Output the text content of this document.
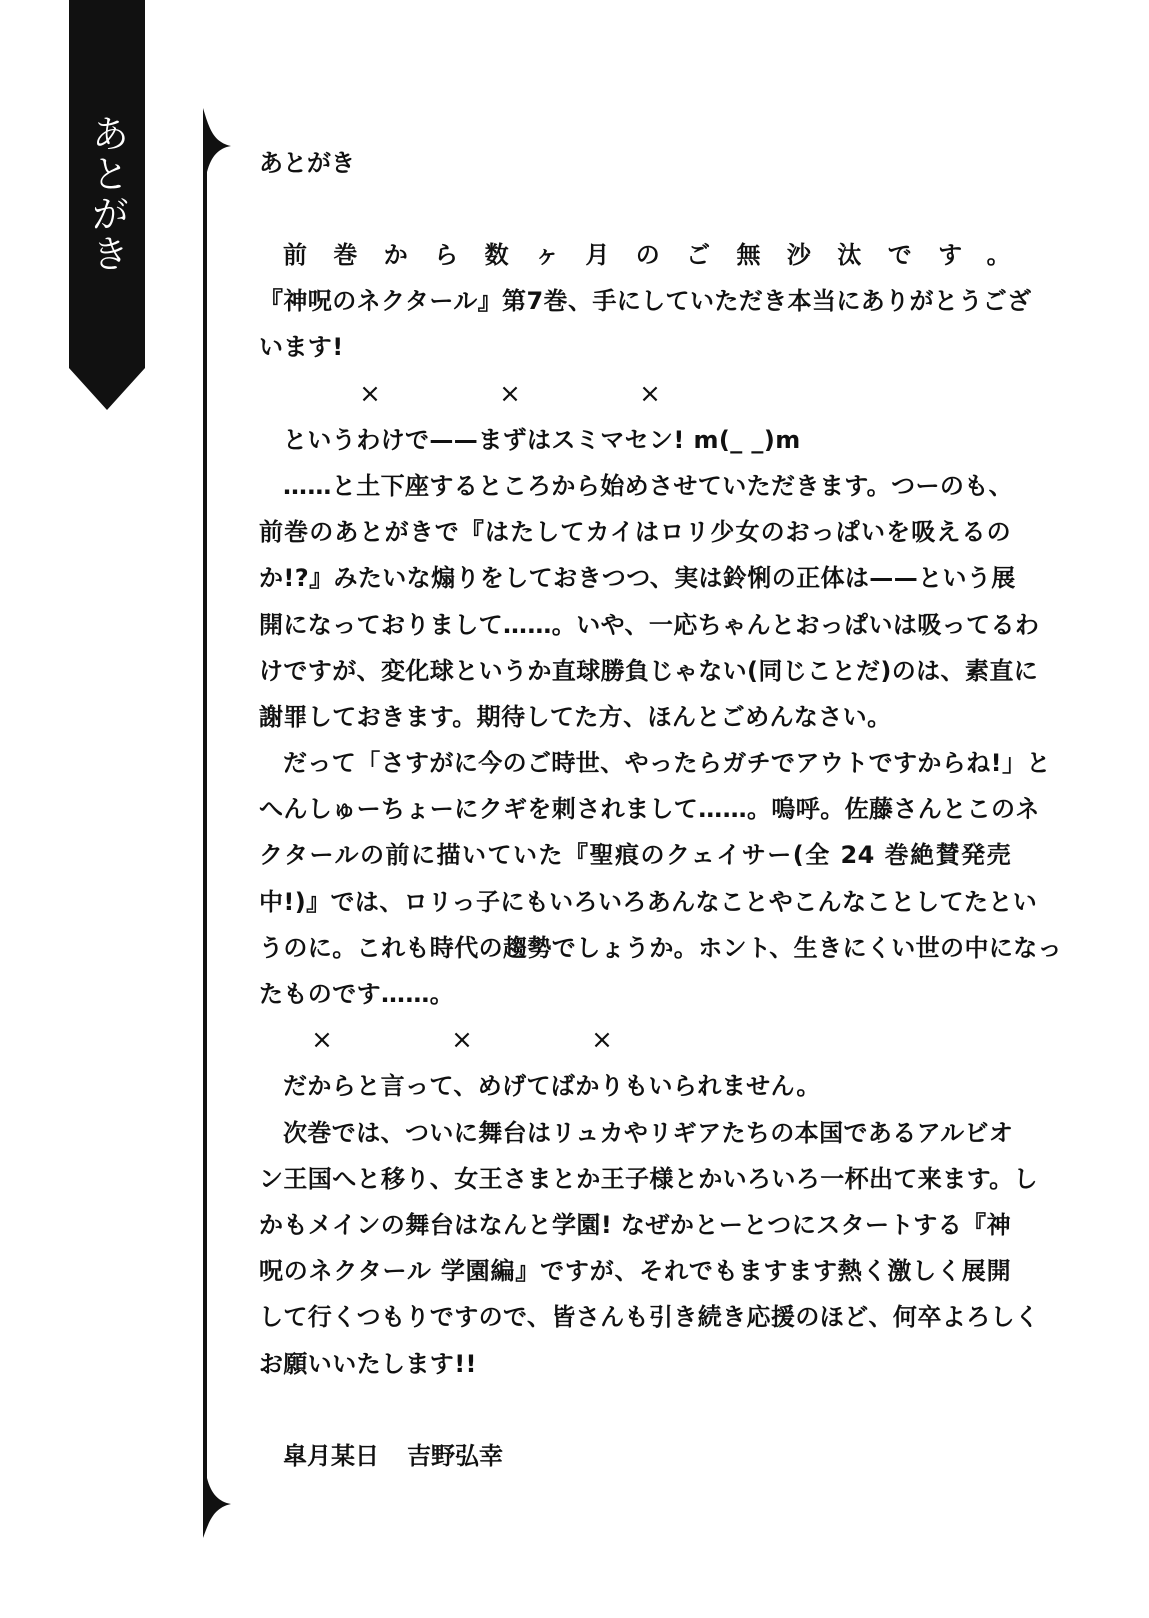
あとがき	あとがき
前巻から数ヶ月のご無沙汰です。
『神呪のネクタール』第7巻、手にしていただき本当にありがとうござ
います!
×	×	×
というわけで——まずはスミマセン! m(_ _)m
……と土下座するところから始めさせていただきます。つーのも、
前巻のあとがきで『はたしてカイはロリ少女のおっぱいを吸えるの
か!?』みたいな煽りをしておきつつ、実は鈴悧の正体は——という展
開になっておりまして……。いや、一応ちゃんとおっぱいは吸ってるわ
けですが、変化球というか直球勝負じゃない(同じことだ)のは、素直に
謝罪しておきます。期待してた方、ほんとごめんなさい。
だって「さすがに今のご時世、やったらガチでアウトですからね!」と
へんしゅーちょーにクギを刺されまして……。嗚呼。佐藤さんとこのネ
クタールの前に描いていた『聖痕のクェイサー(全 24 巻絶賛発売
中!)』では、ロリっ子にもいろいろあんなことやこんなことしてたとい
うのに。これも時代の趨勢でしょうか。ホント、生きにくい世の中になっ
たものです……。
×	×	×
だからと言って、めげてばかりもいられません。
次巻では、ついに舞台はリュカやリギアたちの本国であるアルビオ
ン王国へと移り、女王さまとか王子様とかいろいろ一杯出て来ます。し
かもメインの舞台はなんと学園! なぜかとーとつにスタートする『神
呪のネクタール 学園編』ですが、それでもますます熱く激しく展開
して行くつもりですので、皆さんも引き続き応援のほど、何卒よろしく
お願いいたします!!
皐月某日 吉野弘幸
